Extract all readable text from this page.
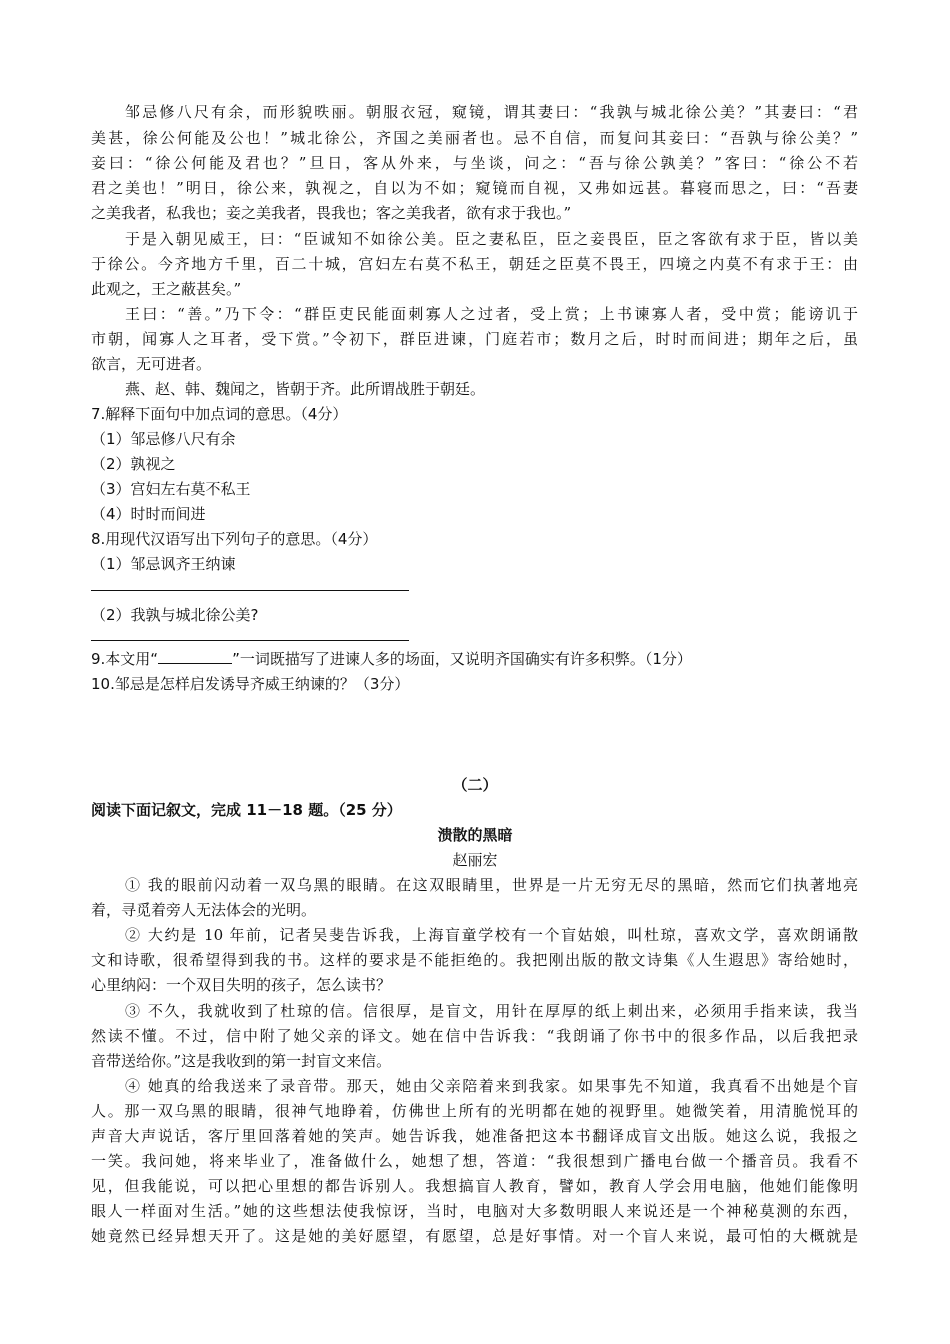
邹忌修八尺有余，而形貌昳丽。朝服衣冠，窥镜，谓其妻曰：“我孰与城北徐公美？”其妻曰：“君
美甚，徐公何能及公也！”城北徐公，齐国之美丽者也。忌不自信，而复问其妾曰：“吾孰与徐公美？”
妾曰：“徐公何能及君也？”旦日，客从外来，与坐谈，问之：“吾与徐公孰美？”客曰：“徐公不若
君之美也！”明日，徐公来，孰视之，自以为不如；窥镜而自视，又弗如远甚。暮寝而思之，曰：“吾妻
之美我者，私我也；妾之美我者，畏我也；客之美我者，欲有求于我也。”
于是入朝见威王，曰：“臣诚知不如徐公美。臣之妻私臣，臣之妾畏臣，臣之客欲有求于臣，皆以美
于徐公。今齐地方千里，百二十城，宫妇左右莫不私王，朝廷之臣莫不畏王，四境之内莫不有求于王：由
此观之，王之蔽甚矣。”
王曰：“善。”乃下令：“群臣吏民能面刺寡人之过者，受上赏；上书谏寡人者，受中赏；能谤讥于
市朝，闻寡人之耳者，受下赏。”令初下，群臣进谏，门庭若市；数月之后，时时而间进；期年之后，虽
欲言，无可进者。
燕、赵、韩、魏闻之，皆朝于齐。此所谓战胜于朝廷。
7.解释下面句中加点词的意思。（4分）
（1）邹忌修八尺有余
（2）孰视之
（3）宫妇左右莫不私王
（4）时时而间进
8.用现代汉语写出下列句子的意思。（4分）
（1）邹忌讽齐王纳谏
（2）我孰与城北徐公美?
9.本文用“	”一词既描写了进谏人多的场面，又说明齐国确实有许多积弊。（1分）
10.邹忌是怎样启发诱导齐威王纳谏的？（3分）
（二）
阅读下面记叙文，完成 11－18 题。（25 分）
溃散的黑暗
赵丽宏
① 我的眼前闪动着一双乌黑的眼睛。在这双眼睛里，世界是一片无穷无尽的黑暗，然而它们执著地亮
着，寻觅着旁人无法体会的光明。
② 大约是 10 年前，记者吴斐告诉我，上海盲童学校有一个盲姑娘，叫杜琼，喜欢文学，喜欢朗诵散
文和诗歌，很希望得到我的书。这样的要求是不能拒绝的。我把刚出版的散文诗集《人生遐思》寄给她时，
心里纳闷：一个双目失明的孩子，怎么读书？
③ 不久，我就收到了杜琼的信。信很厚，是盲文，用针在厚厚的纸上刺出来，必须用手指来读，我当
然读不懂。不过，信中附了她父亲的译文。她在信中告诉我：“我朗诵了你书中的很多作品，以后我把录
音带送给你。”这是我收到的第一封盲文来信。
④ 她真的给我送来了录音带。那天，她由父亲陪着来到我家。如果事先不知道，我真看不出她是个盲
人。那一双乌黑的眼睛，很神气地睁着，仿佛世上所有的光明都在她的视野里。她微笑着，用清脆悦耳的
声音大声说话，客厅里回落着她的笑声。她告诉我，她准备把这本书翻译成盲文出版。她这么说，我报之
一笑。我问她，将来毕业了，准备做什么，她想了想，答道：“我很想到广播电台做一个播音员。我看不
见，但我能说，可以把心里想的都告诉别人。我想搞盲人教育，譬如，教育人学会用电脑，他她们能像明
眼人一样面对生活。”她的这些想法使我惊讶，当时，电脑对大多数明眼人来说还是一个神秘莫测的东西，
她竟然已经异想天开了。这是她的美好愿望，有愿望，总是好事情。对一个盲人来说，最可怕的大概就是
